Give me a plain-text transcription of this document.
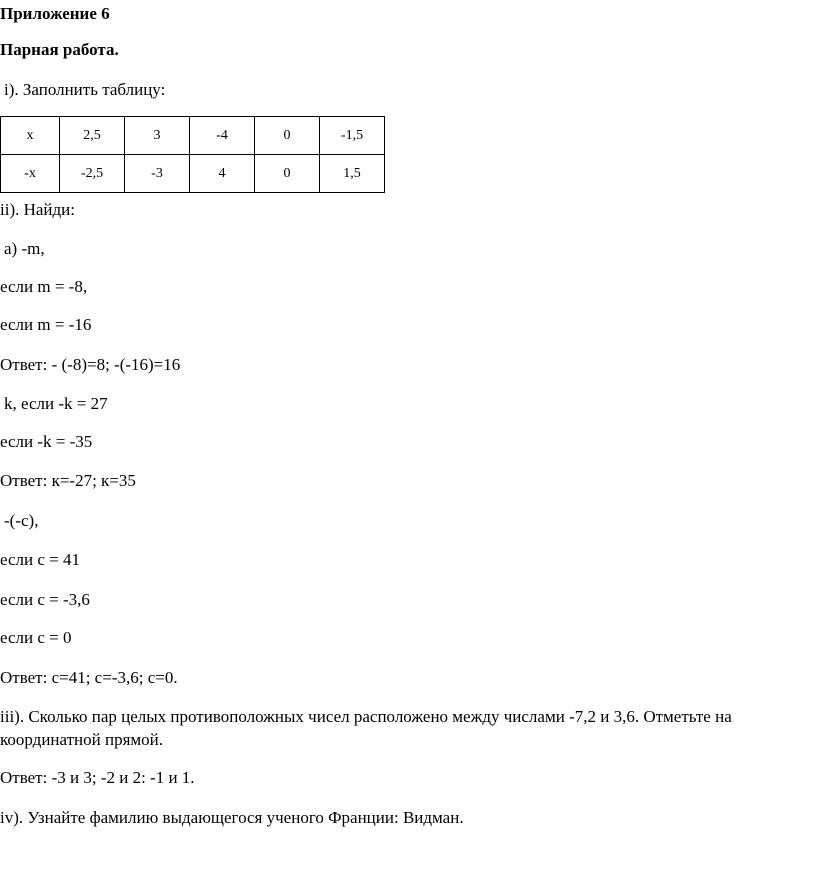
Приложение 6
Парная работа.
i). Заполнить таблицу:
x	2,5	3	-4	0	-1,5
-x	-2,5	-3	4	0	1,5
ii). Найди:
а) -m,
если m = -8,
если m = -16
Ответ: - (-8)=8; -(-16)=16
k, если -k = 27
если -k = -35
Ответ: к=-27; к=35
-(-c),
если c = 41
если c = -3,6
если c = 0
Ответ: c=41; c=-3,6; c=0.
iii). Сколько пар целых противоположных чисел расположено между числами -7,2 и 3,6. Отметьте на координатной прямой.
Ответ: -3 и 3; -2 и 2: -1 и 1.
iv). Узнайте фамилию выдающегося ученого Франции: Видман.
